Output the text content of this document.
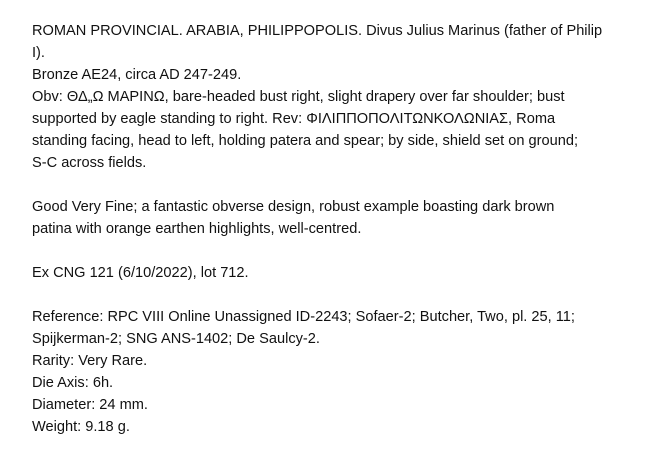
ROMAN PROVINCIAL. ARABIA, PHILIPPOPOLIS. Divus Julius Marinus (father of Philip
I).
Bronze AE24, circa AD 247-249.
Obv: ΘΔ„Ω ΜΑΡΙΝΩ, bare-headed bust right, slight drapery over far shoulder; bust
supported by eagle standing to right. Rev: ΦΙΛΙΠΠΟΠΟΛΙΤΩΝΚΟΛΩΝΙΑΣ, Roma
standing facing, head to left, holding patera and spear; by side, shield set on ground;
S-C across fields.

Good Very Fine; a fantastic obverse design, robust example boasting dark brown
patina with orange earthen highlights, well-centred.

Ex CNG 121 (6/10/2022), lot 712.

Reference: RPC VIII Online Unassigned ID-2243; Sofaer-2; Butcher, Two, pl. 25, 11;
Spijkerman-2; SNG ANS-1402; De Saulcy-2.
Rarity: Very Rare.
Die Axis: 6h.
Diameter: 24 mm.
Weight: 9.18 g.
